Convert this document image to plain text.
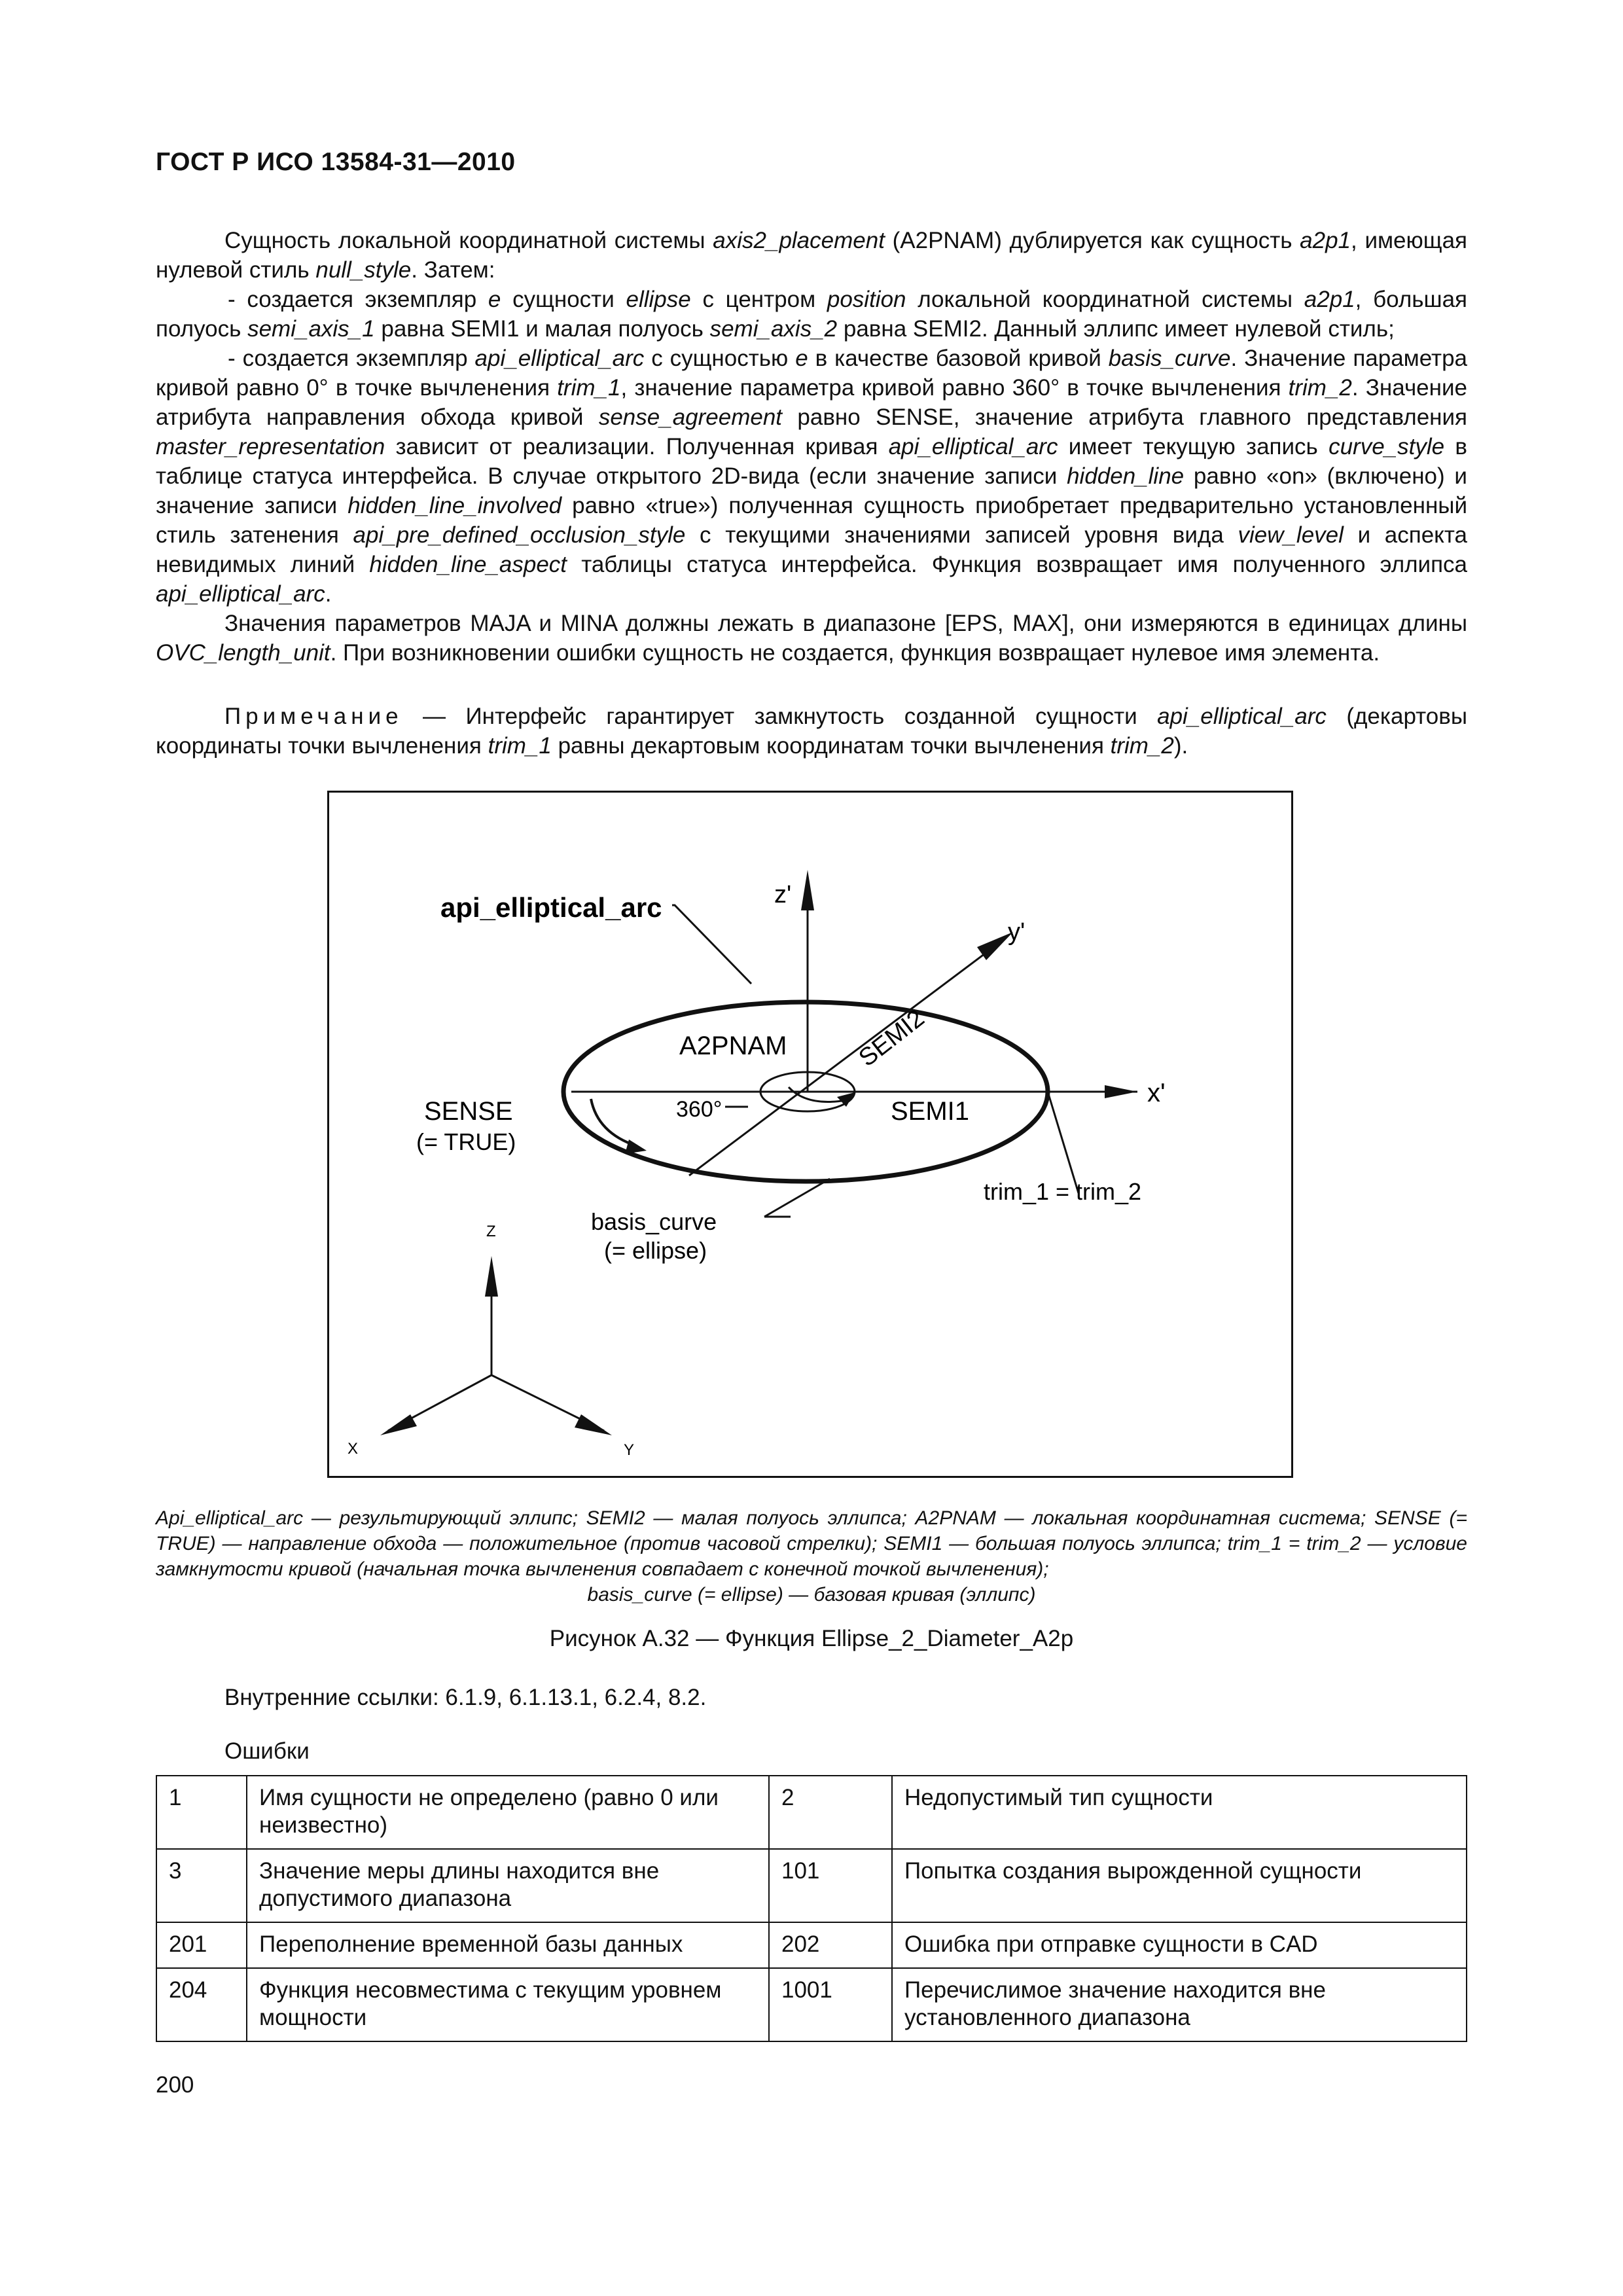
ГОСТ Р ИСО 13584-31—2010

Сущность локальной координатной системы axis2_placement (A2PNAM) дублируется как сущность a2p1, имеющая нулевой стиль null_style. Затем:

- создается экземпляр e сущности ellipse с центром position локальной координатной системы a2p1, большая полуось semi_axis_1 равна SEMI1 и малая полуось semi_axis_2 равна SEMI2. Данный эллипс имеет нулевой стиль;

- создается экземпляр api_elliptical_arc с сущностью e в качестве базовой кривой basis_curve. Значение параметра кривой равно 0° в точке вычленения trim_1, значение параметра кривой равно 360° в точке вычленения trim_2. Значение атрибута направления обхода кривой sense_agreement равно SENSE, значение атрибута главного представления master_representation зависит от реализации. Полученная кривая api_elliptical_arc имеет текущую запись curve_style в таблице статуса интерфейса. В случае открытого 2D-вида (если значение записи hidden_line равно «on» (включено) и значение записи hidden_line_involved равно «true») полученная сущность приобретает предварительно установленный стиль затенения api_pre_defined_occlusion_style с текущими значениями записей уровня вида view_level и аспекта невидимых линий hidden_line_aspect таблицы статуса интерфейса. Функция возвращает имя полученного эллипса api_elliptical_arc.

Значения параметров MAJA и MINA должны лежать в диапазоне [EPS, MAX], они измеряются в единицах длины OVC_length_unit. При возникновении ошибки сущность не создается, функция возвращает нулевое имя элемента.

Примечание — Интерфейс гарантирует замкнутость созданной сущности api_elliptical_arc (декартовы координаты точки вычленения trim_1 равны декартовым координатам точки вычленения trim_2).

api_elliptical_arc	z'
y'
x'
A2PNAM	SEMI2
SEMI1
360°
SENSE
(= TRUE)
trim_1 = trim_2
basis_curve
(= ellipse)
Z
X	Y
Api_elliptical_arc — результирующий эллипс; SEMI2 — малая полуось эллипса; A2PNAM — локальная координатная система; SENSE (= TRUE) — направление обхода — положительное (против часовой стрелки); SEMI1 — большая полуось эллипса; trim_1 = trim_2 — условие замкнутости кривой (начальная точка вычленения совпадает с конечной точкой вычленения);
basis_curve (= ellipse) — базовая кривая (эллипс)
Рисунок А.32 — Функция Ellipse_2_Diameter_A2p
Внутренние ссылки: 6.1.9, 6.1.13.1, 6.2.4, 8.2.
Ошибки
1	Имя сущности не определено (равно 0 или неизвестно)	2	Недопустимый тип сущности
3	Значение меры длины находится вне допустимого диапазона	101	Попытка создания вырожденной сущности
201	Переполнение временной базы данных	202	Ошибка при отправке сущности в CAD
204	Функция несовместима с текущим уровнем мощности	1001	Перечислимое значение находится вне установленного диапазона
200
